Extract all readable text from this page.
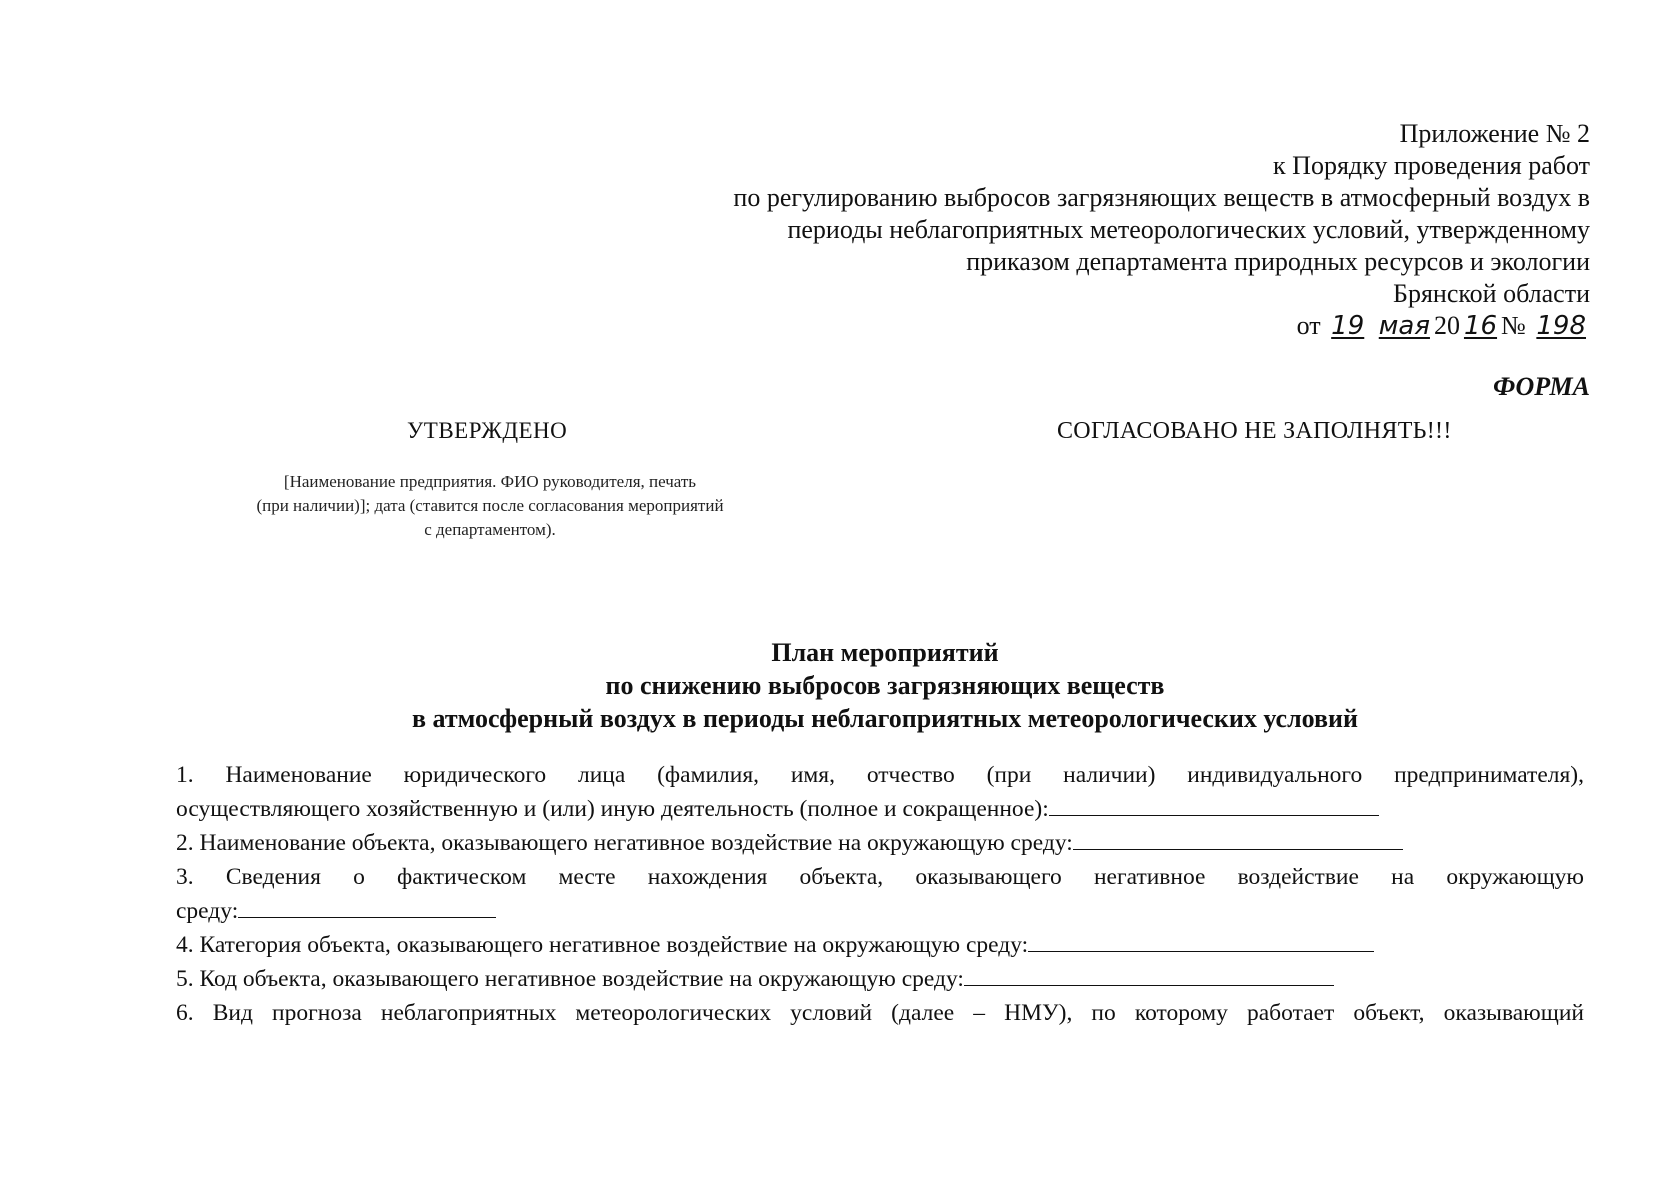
Приложение № 2
к Порядку проведения работ
по регулированию выбросов загрязняющих веществ в атмосферный воздух в
периоды неблагоприятных метеорологических условий, утвержденному
приказом департамента природных ресурсов и экологии
Брянской области
от 19 мая 20 16 № 198
ФОРМА
УТВЕРЖДЕНО
[Наименование предприятия. ФИО руководителя, печать
(при наличии)]; дата (ставится после согласования мероприятий
с департаментом).
СОГЛАСОВАНО НЕ ЗАПОЛНЯТЬ!!!
План мероприятий
по снижению выбросов загрязняющих веществ
в атмосферный воздух в периоды неблагоприятных метеорологических условий
1. Наименование юридического лица (фамилия, имя, отчество (при наличии) индивидуального предпринимателя),
осуществляющего хозяйственную и (или) иную деятельность (полное и сокращенное):
2. Наименование объекта, оказывающего негативное воздействие на окружающую среду:
3. Сведения о фактическом месте нахождения объекта, оказывающего негативное воздействие на окружающую
среду:
4. Категория объекта, оказывающего негативное воздействие на окружающую среду:
5. Код объекта, оказывающего негативное воздействие на окружающую среду:
6. Вид прогноза неблагоприятных метеорологических условий (далее – НМУ), по которому работает объект, оказывающий
